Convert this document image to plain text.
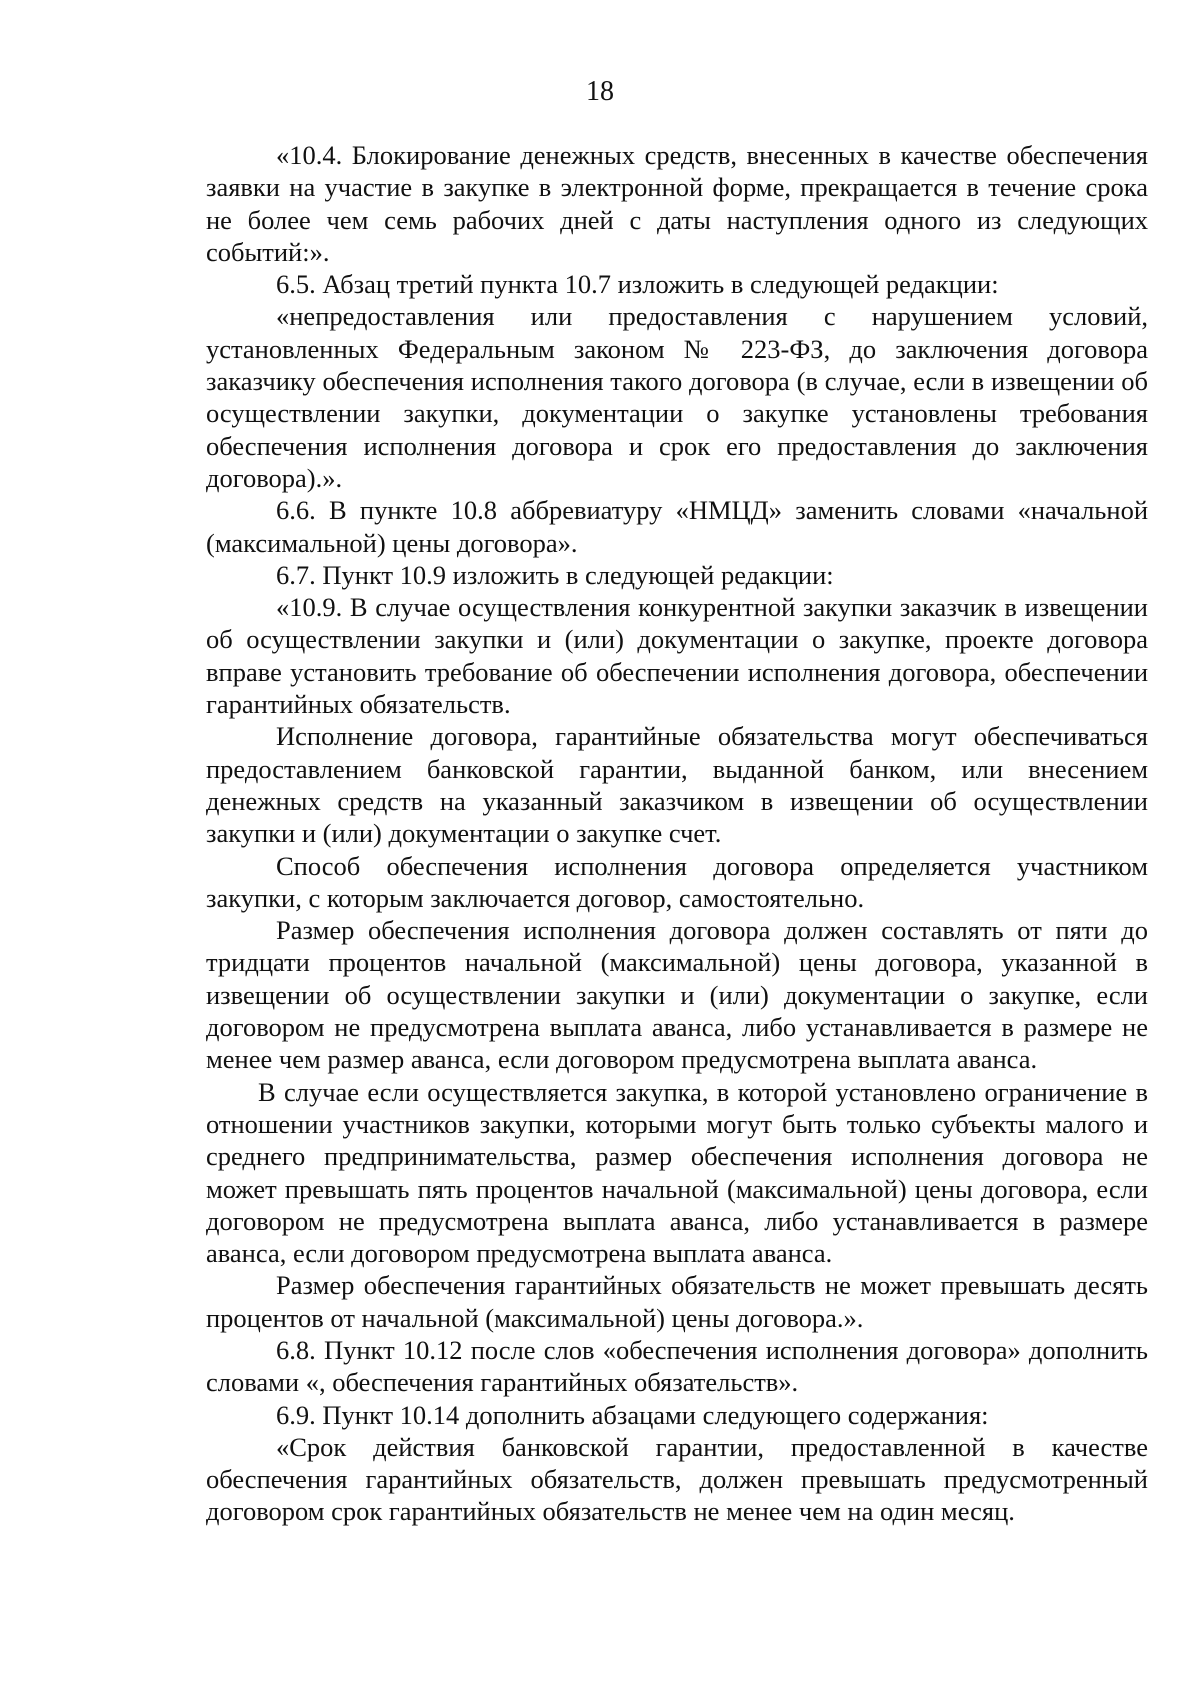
18

«10.4. Блокирование денежных средств, внесенных в качестве обеспечения заявки на участие в закупке в электронной форме, прекращается в течение срока не более чем семь рабочих дней с даты наступления одного из следующих событий:».

6.5. Абзац третий пункта 10.7 изложить в следующей редакции:

«непредоставления или предоставления с нарушением условий, установленных Федеральным законом № 223-ФЗ, до заключения договора заказчику обеспечения исполнения такого договора (в случае, если в извещении об осуществлении закупки, документации о закупке установлены требования обеспечения исполнения договора и срок его предоставления до заключения договора).».

6.6. В пункте 10.8 аббревиатуру «НМЦД» заменить словами «начальной (максимальной) цены договора».

6.7. Пункт 10.9 изложить в следующей редакции:

«10.9. В случае осуществления конкурентной закупки заказчик в извещении об осуществлении закупки и (или) документации о закупке, проекте договора вправе установить требование об обеспечении исполнения договора, обеспечении гарантийных обязательств.

Исполнение договора, гарантийные обязательства могут обеспечиваться предоставлением банковской гарантии, выданной банком, или внесением денежных средств на указанный заказчиком в извещении об осуществлении закупки и (или) документации о закупке счет.

Способ обеспечения исполнения договора определяется участником закупки, с которым заключается договор, самостоятельно.

Размер обеспечения исполнения договора должен составлять от пяти до тридцати процентов начальной (максимальной) цены договора, указанной в извещении об осуществлении закупки и (или) документации о закупке, если договором не предусмотрена выплата аванса, либо устанавливается в размере не менее чем размер аванса, если договором предусмотрена выплата аванса.

В случае если осуществляется закупка, в которой установлено ограничение в отношении участников закупки, которыми могут быть только субъекты малого и среднего предпринимательства, размер обеспечения исполнения договора не может превышать пять процентов начальной (максимальной) цены договора, если договором не предусмотрена выплата аванса, либо устанавливается в размере аванса, если договором предусмотрена выплата аванса.

Размер обеспечения гарантийных обязательств не может превышать десять процентов от начальной (максимальной) цены договора.».

6.8. Пункт 10.12 после слов «обеспечения исполнения договора» дополнить словами «, обеспечения гарантийных обязательств».

6.9. Пункт 10.14 дополнить абзацами следующего содержания:

«Срок действия банковской гарантии, предоставленной в качестве обеспечения гарантийных обязательств, должен превышать предусмотренный договором срок гарантийных обязательств не менее чем на один месяц.
